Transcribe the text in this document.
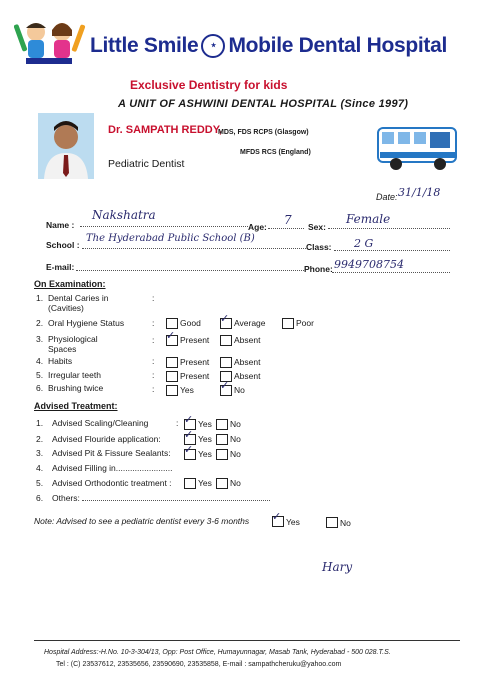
Little Smile ★ Mobile Dental Hospital
Exclusive Dentistry for kids
A UNIT OF ASHWINI DENTAL HOSPITAL (Since 1997)
Dr. SAMPATH REDDY,
MDS, FDS RCPS (Glasgow)
MFDS RCS (England)
Pediatric Dentist
Date: 31/1/18
Name :
Nakshatra
Age: 7 Sex:
Female
School :
The Hyderabad Public School (B)
Class: 2 G
E-mail:	Phone: 9949708754
On Examination:
1. Dental Caries in
(Cavities)
:
2. Oral Hygiene Status	:	Good ✓ Average	Poor
3. Physiological
Spaces
: ✓ Present	Absent
4. Habits	:	Present	Absent
5. Irregular teeth	:	Present	Absent
6. Brushing twice	:	Yes ✓ No
Advised Treatment:
1. Advised Scaling/Cleaning	: ✓ Yes No
2. Advised Flouride application: ✓ Yes No
3. Advised Pit & Fissure Sealants: ✓ Yes No
4. Advised Filling in........................
5. Advised Orthodontic treatment :	Yes No
6. Others:
Note: Advised to see a pediatric dentist every 3-6 months ✓ Yes	No
Hary
Hospital Address:-H.No. 10-3-304/13, Opp: Post Office, Humayunnagar, Masab Tank, Hyderabad - 500 028.T.S.
Tel : (C) 23537612, 23535656, 23590690, 23535858, E-mail : sampathcheruku@yahoo.com
